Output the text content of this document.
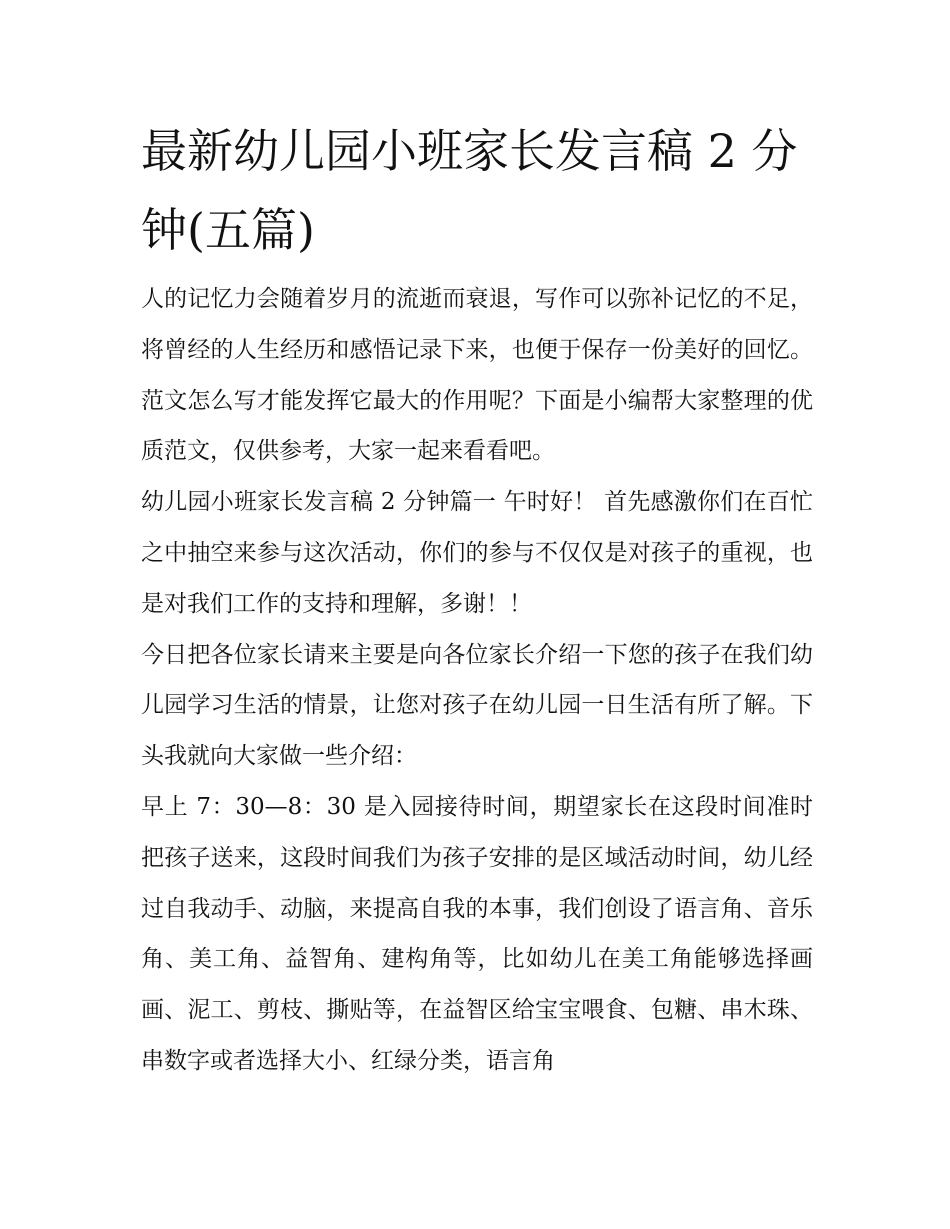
最新幼儿园小班家长发言稿 2 分钟(五篇)

人的记忆力会随着岁月的流逝而衰退，写作可以弥补记忆的不足，将曾经的人生经历和感悟记录下来，也便于保存一份美好的回忆。范文怎么写才能发挥它最大的作用呢？下面是小编帮大家整理的优质范文，仅供参考，大家一起来看看吧。

幼儿园小班家长发言稿 2 分钟篇一 午时好！ 首先感激你们在百忙之中抽空来参与这次活动，你们的参与不仅仅是对孩子的重视，也是对我们工作的支持和理解，多谢！！

今日把各位家长请来主要是向各位家长介绍一下您的孩子在我们幼儿园学习生活的情景，让您对孩子在幼儿园一日生活有所了解。下头我就向大家做一些介绍：

早上 7：30—8：30 是入园接待时间，期望家长在这段时间准时把孩子送来，这段时间我们为孩子安排的是区域活动时间，幼儿经过自我动手、动脑，来提高自我的本事，我们创设了语言角、音乐角、美工角、益智角、建构角等，比如幼儿在美工角能够选择画画、泥工、剪枝、撕贴等，在益智区给宝宝喂食、包糖、串木珠、串数字或者选择大小、红绿分类，语言角
